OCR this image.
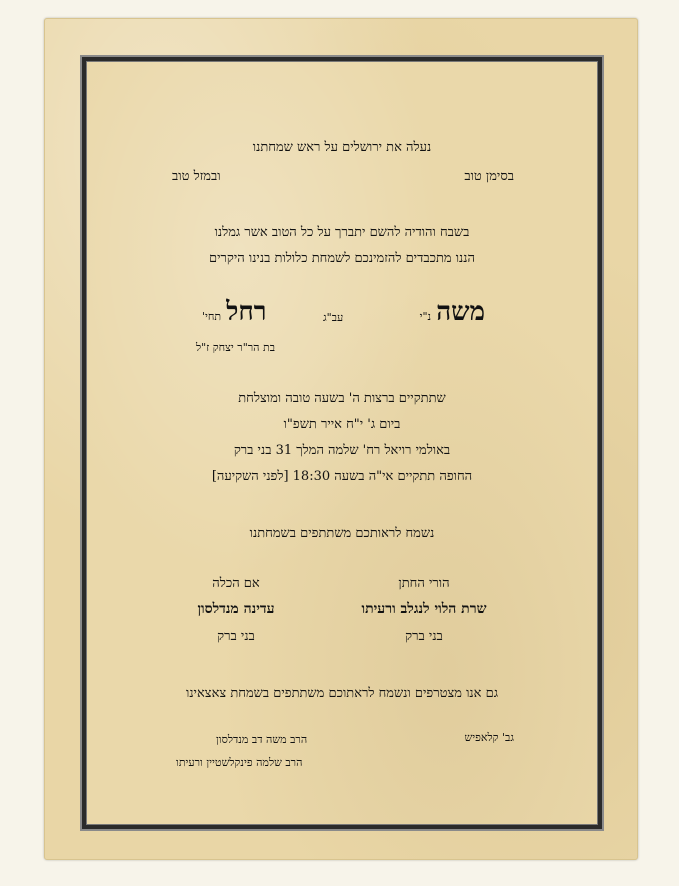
נעלה את ירושלים על ראש שמחתנו
בסימן טוב
ובמזל טוב
בשבח והודיה להשם יתברך על כל הטוב אשר גמלנו
הננו מתכבדים להזמינכם לשמחת כלולות בנינו היקרים
משה נ"י
עב"ג
רחל תחי'
בת הר"ר יצחק ז"ל
שתתקיים ברצות ה' בשעה טובה ומוצלחת
ביום ג' י"ח אייר תשפ"ו
באולמי רויאל רח' שלמה המלך 31 בני ברק
החופה תתקיים אי"ה בשעה 18:30 [לפני השקיעה]
נשמח לראותכם משתתפים בשמחתנו
הורי החתן
שרת הלוי לנגלב ורעיתו
בני ברק
אם הכלה
עדינה מנדלסון
בני ברק
גם אנו מצטרפים ונשמח לראתוכם משתתפים בשמחת צאצאינו
גב' קלאפיש
הרב משה דב מנדלסון
הרב שלמה פינקלשטיין ורעיתו
